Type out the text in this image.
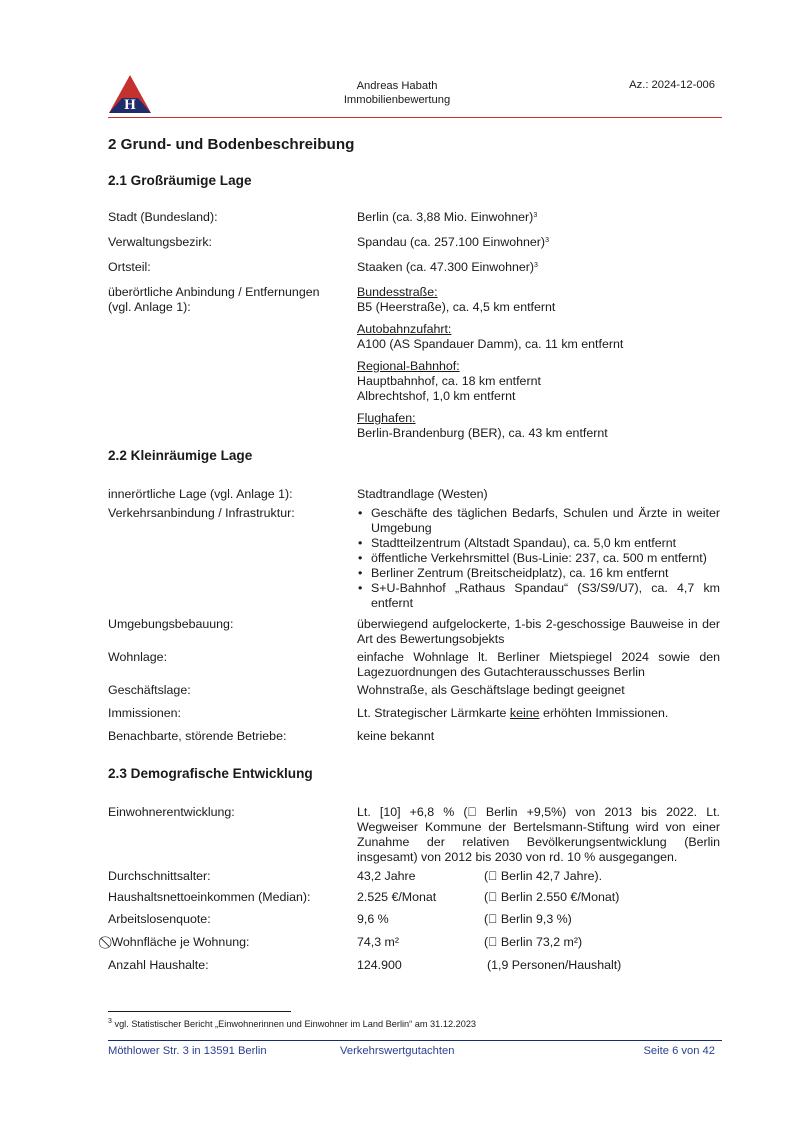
H
Andreas Habath
Immobilienbewertung
Az.: 2024-12-006
2 Grund- und Bodenbeschreibung
2.1 Großräumige Lage
Stadt (Bundesland):	Berlin (ca. 3,88 Mio. Einwohner)$^3$
Verwaltungsbezirk:	Spandau (ca. 257.100 Einwohner)$^3$
Ortsteil:	Staaken (ca. 47.300 Einwohner)$^3$
überörtliche Anbindung / Entfernungen
(vgl. Anlage 1):
Bundesstraße:
B5 (Heerstraße), ca. 4,5 km entfernt
Autobahnzufahrt:
A100 (AS Spandauer Damm), ca. 11 km entfernt
Regional-Bahnhof:
Hauptbahnhof, ca. 18 km entfernt
Albrechtshof, 1,0 km entfernt
Flughafen:
Berlin-Brandenburg (BER), ca. 43 km entfernt
2.2 Kleinräumige Lage
innerörtliche Lage (vgl. Anlage 1):	Stadtrandlage (Westen)
Verkehrsanbindung / Infrastruktur:
•	Geschäfte des täglichen Bedarfs, Schulen und Ärzte in weiter Umgebung
• Stadtteilzentrum (Altstadt Spandau), ca. 5,0 km entfernt
• öffentliche Verkehrsmittel (Bus-Linie: 237, ca. 500 m entfernt)
• Berliner Zentrum (Breitscheidplatz), ca. 16 km entfernt
• S+U-Bahnhof „Rathaus Spandau“ (S3/S9/U7), ca. 4,7 km entfernt
Umgebungsbebauung:	überwiegend aufgelockerte, 1-bis 2-geschossige Bauweise in der Art des Bewertungsobjekts
Wohnlage:	einfache Wohnlage lt. Berliner Mietspiegel 2024 sowie den Lagezuordnungen des Gutachterausschusses Berlin
Geschäftslage:	Wohnstraße, als Geschäftslage bedingt geeignet
Immissionen:	Lt. Strategischer Lärmkarte keine erhöhten Immissionen.
Benachbarte, störende Betriebe:	keine bekannt
2.3 Demografische Entwicklung
Einwohnerentwicklung:	Lt. [10] +6,8 % (⃠ Berlin +9,5%) von 2013 bis 2022. Lt. Wegweiser Kommune der Bertelsmann-Stiftung wird von einer Zunahme der relativen Bevölkerungsentwicklung (Berlin insgesamt) von 2012 bis 2030 von rd. 10 % ausgegangen.
Durchschnittsalter:	43,2 Jahre	(⃠ Berlin 42,7 Jahre).
Haushaltsnettoeinkommen (Median):	2.525 €/Monat	(⃠ Berlin 2.550 €/Monat)
Arbeitslosenquote:	9,6 %	(⃠ Berlin 9,3 %)
⃠ Wohnfläche je Wohnung:	74,3 m²	(⃠ Berlin 73,2 m²)
Anzahl Haushalte:	124.900	(1,9 Personen/Haushalt)
$^3$ vgl. Statistischer Bericht „Einwohnerinnen und Einwohner im Land Berlin“ am 31.12.2023
Möthlower Str. 3 in 13591 Berlin	Verkehrswertgutachten	Seite 6 von 42
